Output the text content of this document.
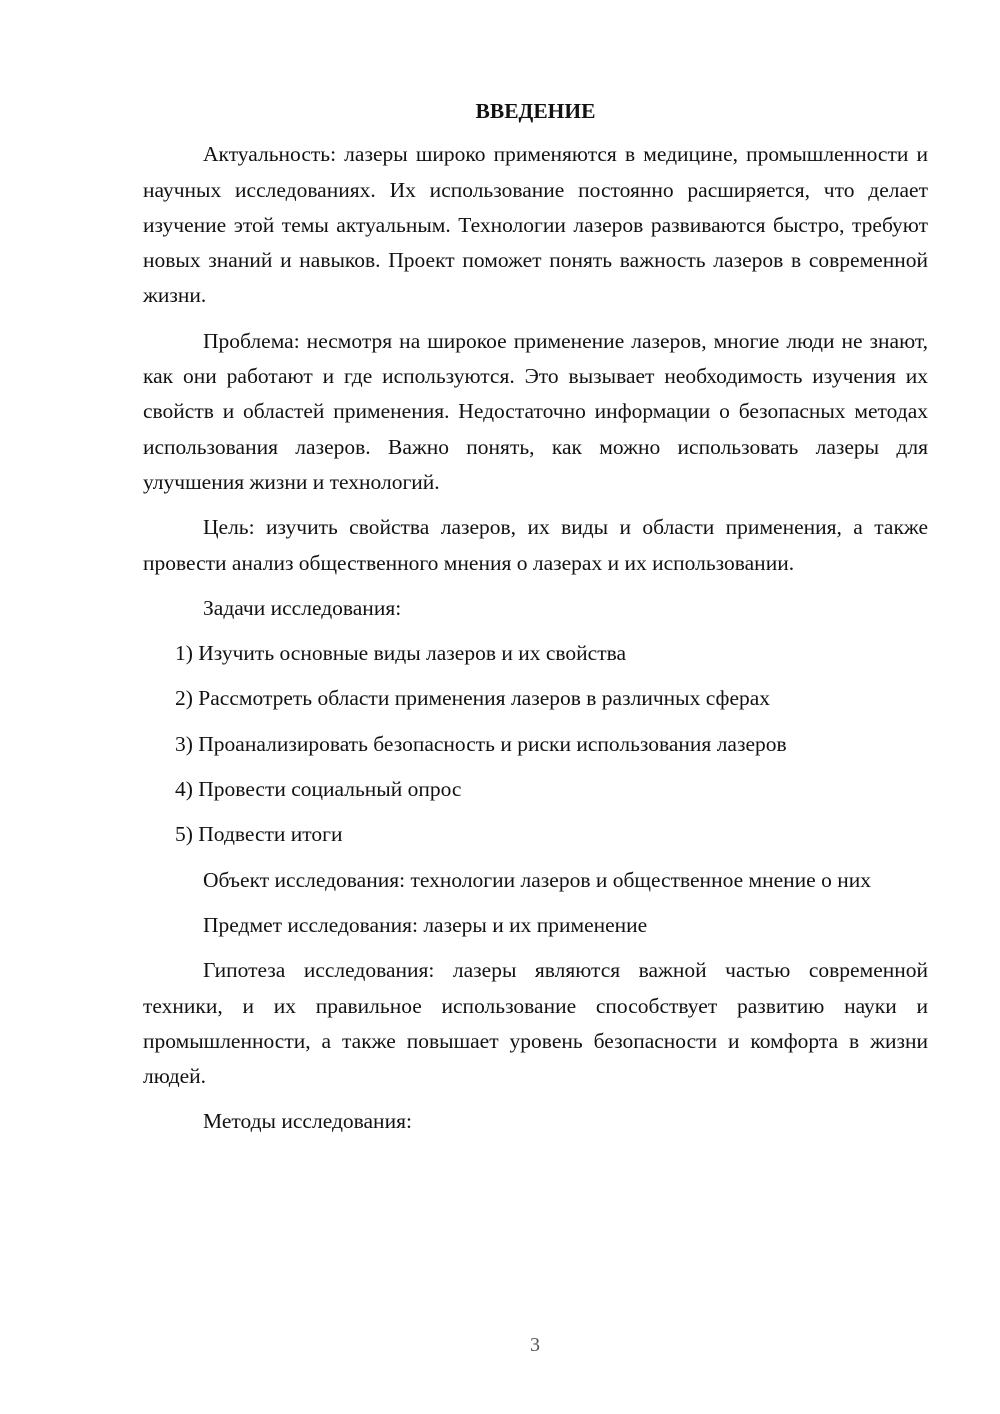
ВВЕДЕНИЕ

Актуальность: лазеры широко применяются в медицине, промышленности и научных исследованиях. Их использование постоянно расширяется, что делает изучение этой темы актуальным. Технологии лазеров развиваются быстро, требуют новых знаний и навыков. Проект поможет понять важность лазеров в современной жизни.

Проблема: несмотря на широкое применение лазеров, многие люди не знают, как они работают и где используются. Это вызывает необходимость изучения их свойств и областей применения. Недостаточно информации о безопасных методах использования лазеров. Важно понять, как можно использовать лазеры для улучшения жизни и технологий.

Цель: изучить свойства лазеров, их виды и области применения, а также провести анализ общественного мнения о лазерах и их использовании.

Задачи исследования:

1) Изучить основные виды лазеров и их свойства
2) Рассмотреть области применения лазеров в различных сферах
3) Проанализировать безопасность и риски использования лазеров
4) Провести социальный опрос
5) Подвести итоги

Объект исследования: технологии лазеров и общественное мнение о них

Предмет исследования: лазеры и их применение

Гипотеза исследования: лазеры являются важной частью современной техники, и их правильное использование способствует развитию науки и промышленности, а также повышает уровень безопасности и комфорта в жизни людей.

Методы исследования:

3
